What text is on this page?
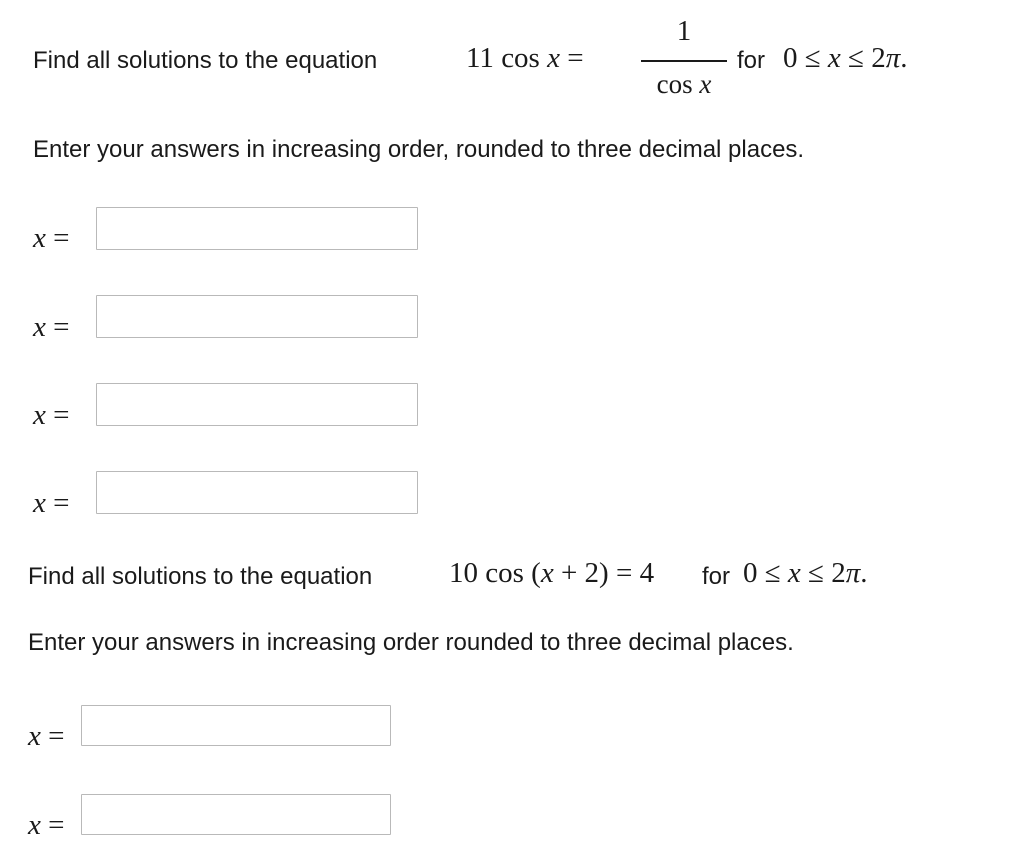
Find all solutions to the equation	11 cos x =
1
cos x
for 0 ≤ x ≤ 2π.
Enter your answers in increasing order, rounded to three decimal places.
x =
x =
x =
x =
Find all solutions to the equation	10 cos (x + 2) = 4 for 0 ≤ x ≤ 2π.
Enter your answers in increasing order rounded to three decimal places.
x =
x =
